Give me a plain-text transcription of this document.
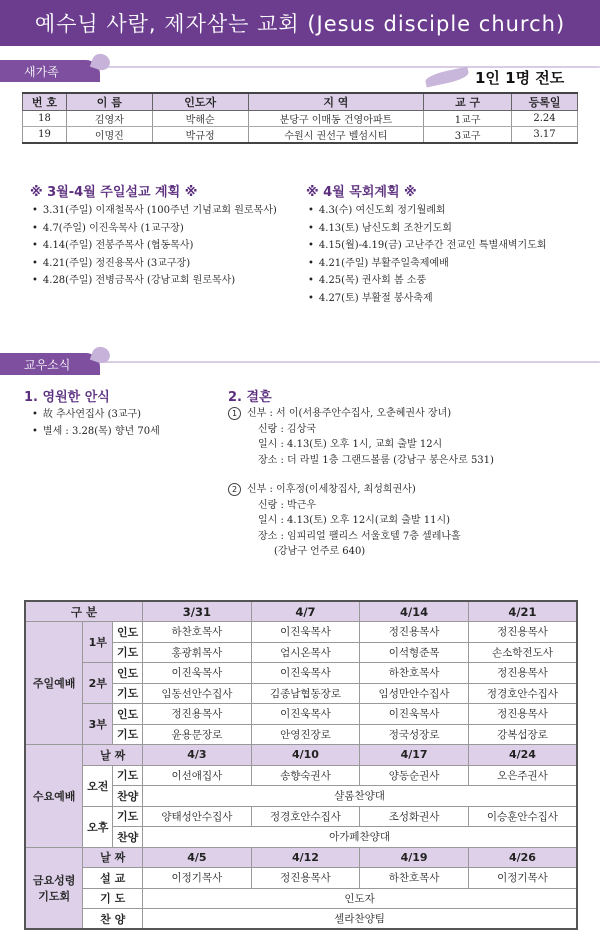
예수님 사람, 제자삼는 교회 (Jesus disciple church)
새가족	1인 1명 전도
번 호	이 름	인도자	지 역	교 구	등록일
18	김영자	박해순	분당구 이매동 건영아파트	1교구	2.24
19	이명진	박규정	수원시 권선구 벨섬시티	3교구	3.17
※ 3월-4월 주일설교 계획 ※
• 3.31(주일) 이재철목사 (100주년 기념교회 원로목사)
• 4.7(주일) 이진욱목사 (1교구장)
• 4.14(주일) 전봉주목사 (협동목사)
• 4.21(주일) 정진용목사 (3교구장)
• 4.28(주일) 전병금목사 (강남교회 원로목사)
※ 4월 목회계획 ※
• 4.3(수) 여신도회 정기월례회
• 4.13(토) 남신도회 조찬기도회
• 4.15(월)-4.19(금) 고난주간 전교인 특별새벽기도회
• 4.21(주일) 부활주일축제예배
• 4.25(목) 권사회 봄 소풍
• 4.27(토) 부활절 봉사축제
교우소식
1. 영원한 안식
• 故 추사연집사 (3교구)
• 별세 : 3.28(목) 향년 70세
2. 결혼
1 신부 : 서 이(서용주안수집사, 오춘혜권사 장녀)
신랑 : 김상국
일시 : 4.13(토) 오후 1시, 교회 출발 12시
장소 : 더 라빌 1층 그랜드볼룸 (강남구 봉은사로 531)
2 신부 : 이후정(이세창집사, 최성희권사)
신랑 : 박근우
일시 : 4.13(토) 오후 12시(교회 출발 11시)
장소 : 임피리얼 팰리스 서울호텔 7층 셀레나홀
(강남구 언주로 640)
구 분			3/31	4/7	4/14	4/21
주일예배	1부	인도	하찬호목사	이진욱목사	정진용목사	정진용목사
		기도	홍광휘목사	엄시온목사	이석형준목	손소학전도사
	2부	인도	이진욱목사	이진욱목사	하찬호목사	정진용목사
		기도	임동선안수집사	김종남협동장로	임성만안수집사	정경호안수집사
	3부	인도	정진용목사	이진욱목사	이진욱목사	정진용목사
		기도	윤용문장로	안영진장로	정국성장로	강복섭장로
수요예배	날 짜		4/3	4/10	4/17	4/24
	오전	기도	이선애집사	송향숙권사	양동순권사	오은주권사
		찬양	샬롬찬양대			
	오후	기도	양태성안수집사	정경호안수집사	조성화권사	이승훈안수집사
		찬양	아가페찬양대			

금요성령
기도회	날 짜		4/5	4/12	4/19	4/26
	설 교		이정기목사	정진용목사	하찬호목사	이정기목사
	기 도		인도자			
	찬 양		셀라찬양팀			
